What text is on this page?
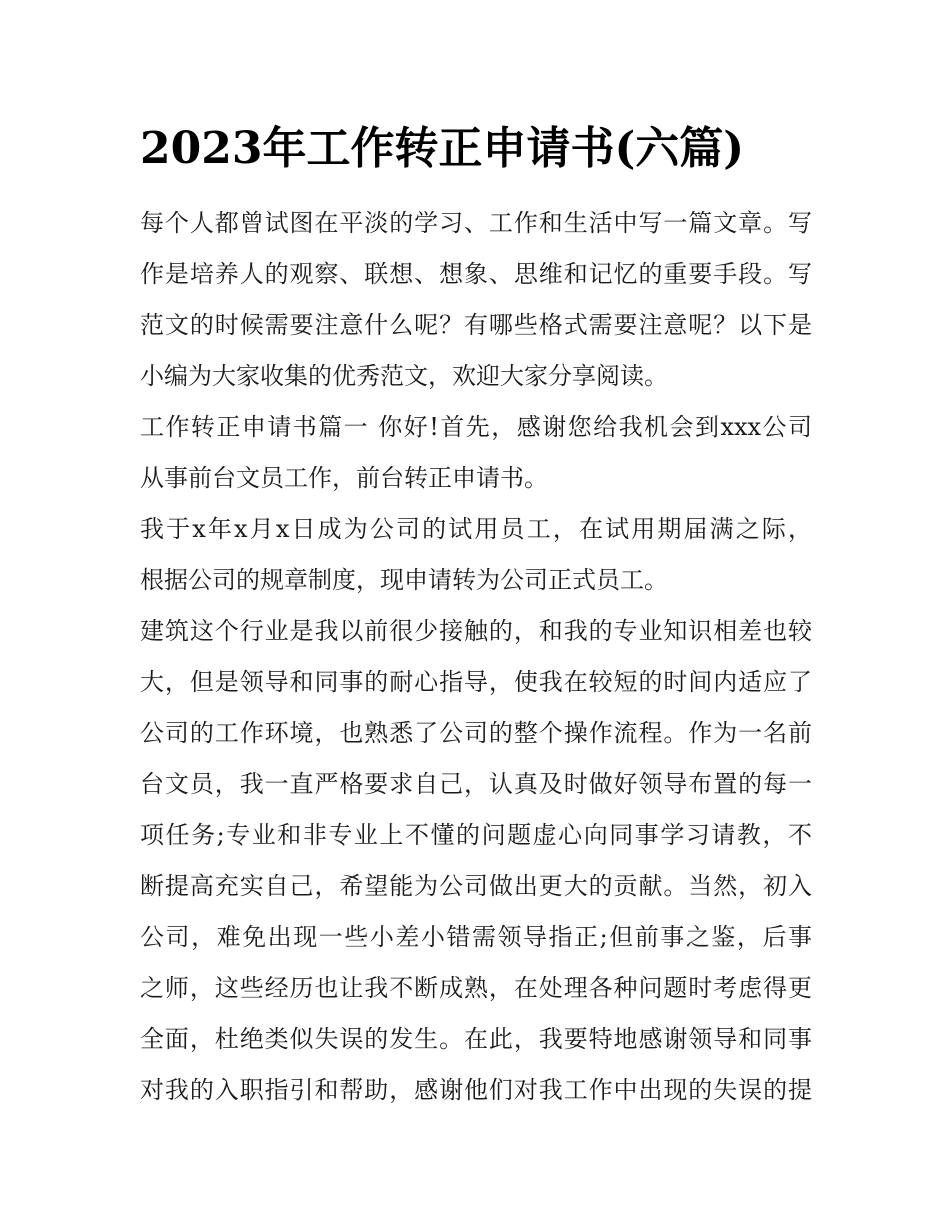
2023年工作转正申请书(六篇)
每个人都曾试图在平淡的学习、工作和生活中写一篇文章。写
作是培养人的观察、联想、想象、思维和记忆的重要手段。写
范文的时候需要注意什么呢？有哪些格式需要注意呢？以下是
小编为大家收集的优秀范文，欢迎大家分享阅读。
工作转正申请书篇一 你好!首先，感谢您给我机会到xxx公司
从事前台文员工作，前台转正申请书。
我于x年x月x日成为公司的试用员工，在试用期届满之际，
根据公司的规章制度，现申请转为公司正式员工。
建筑这个行业是我以前很少接触的，和我的专业知识相差也较
大，但是领导和同事的耐心指导，使我在较短的时间内适应了
公司的工作环境，也熟悉了公司的整个操作流程。作为一名前
台文员，我一直严格要求自己，认真及时做好领导布置的每一
项任务;专业和非专业上不懂的问题虚心向同事学习请教，不
断提高充实自己，希望能为公司做出更大的贡献。当然，初入
公司，难免出现一些小差小错需领导指正;但前事之鉴，后事
之师，这些经历也让我不断成熟，在处理各种问题时考虑得更
全面，杜绝类似失误的发生。在此，我要特地感谢领导和同事
对我的入职指引和帮助，感谢他们对我工作中出现的失误的提
